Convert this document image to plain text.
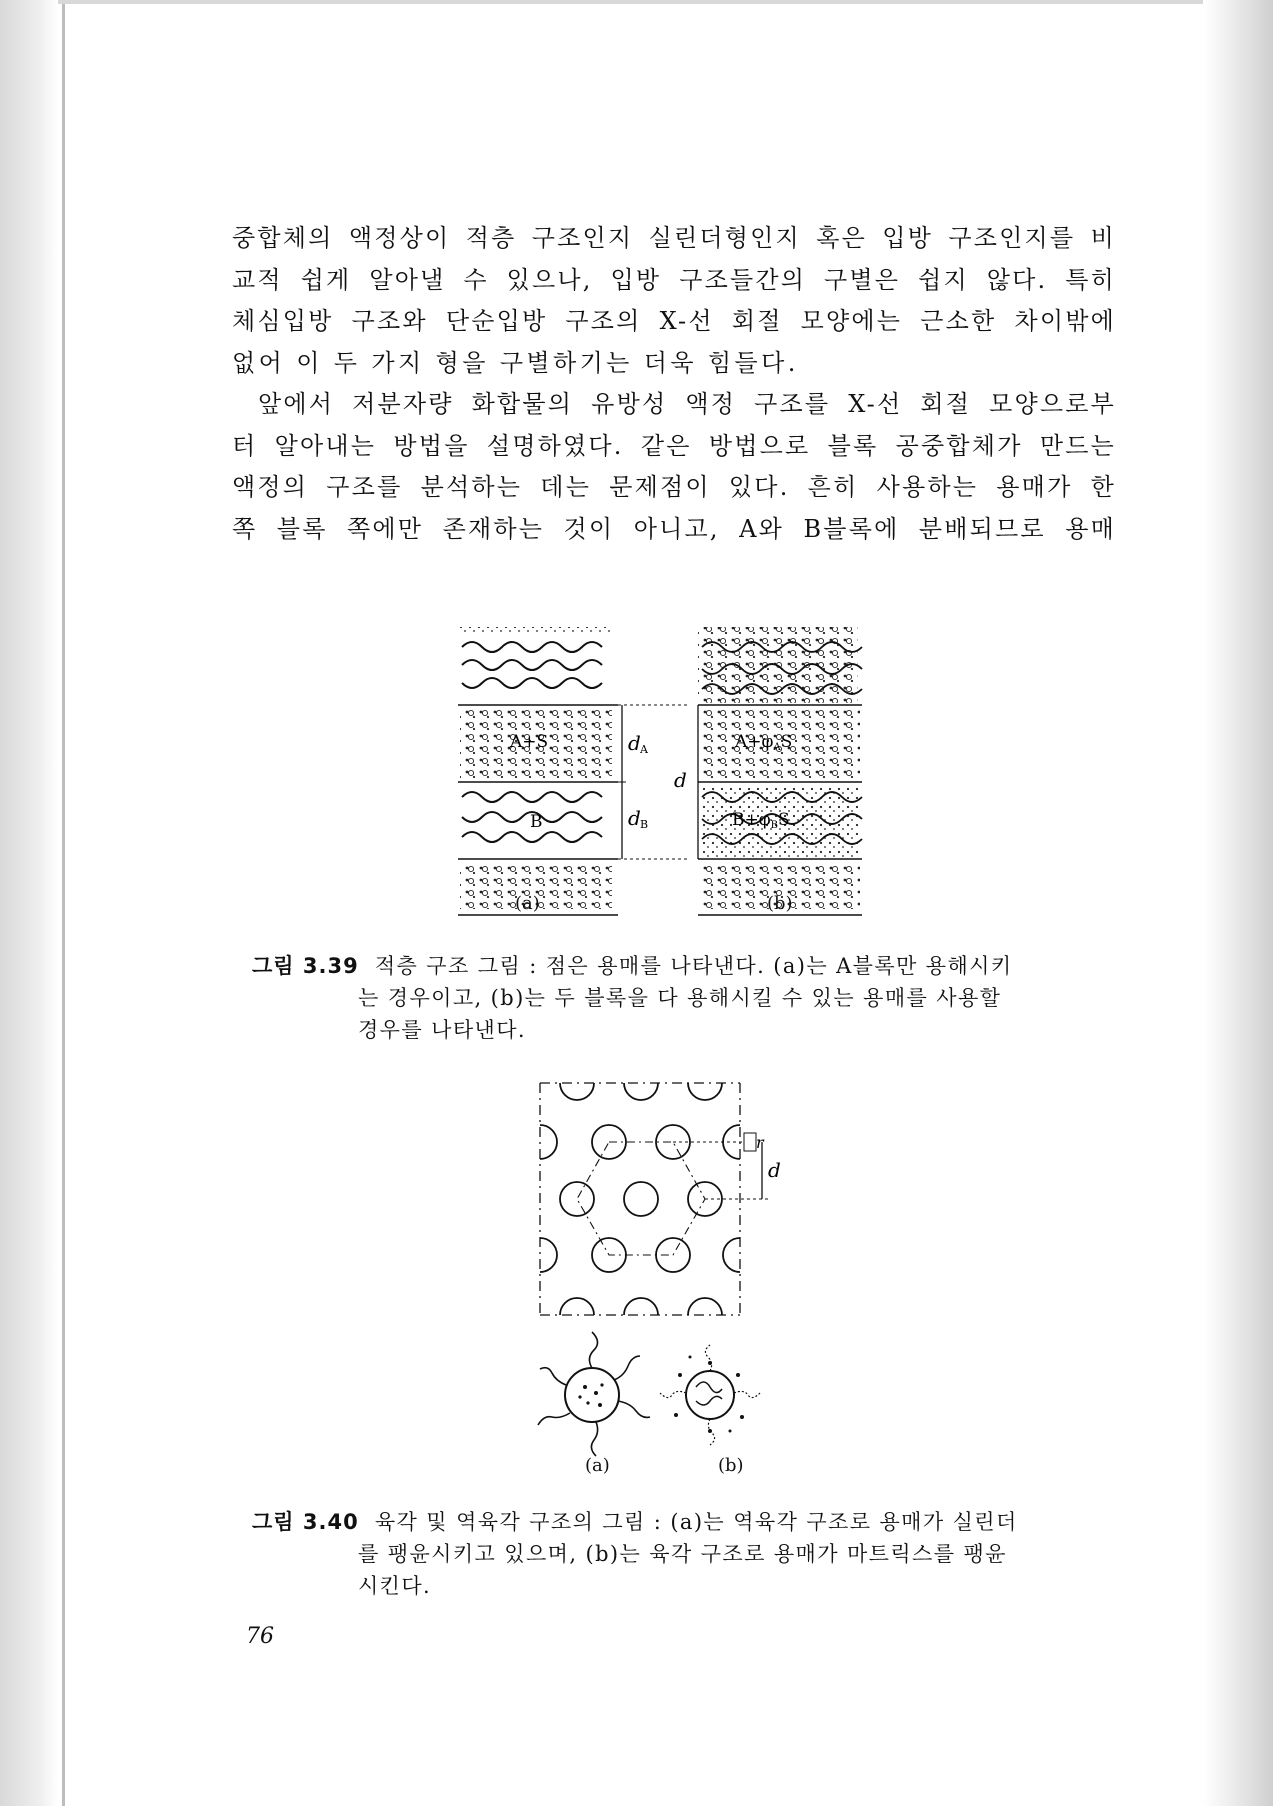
중합체의 액정상이 적층 구조인지 실린더형인지 혹은 입방 구조인지를 비
교적 쉽게 알아낼 수 있으나, 입방 구조들간의 구별은 쉽지 않다. 특히
체심입방 구조와 단순입방 구조의 X-선 회절 모양에는 근소한 차이밖에
없어 이 두 가지 형을 구별하기는 더욱 힘들다.
앞에서 저분자량 화합물의 유방성 액정 구조를 X-선 회절 모양으로부
터 알아내는 방법을 설명하였다. 같은 방법으로 블록 공중합체가 만드는
액정의 구조를 분석하는 데는 문제점이 있다. 흔히 사용하는 용매가 한
쪽 블록 쪽에만 존재하는 것이 아니고, A와 B블록에 분배되므로 용매
A+S
B
d A
d B
d
A+φAS
B+φBS
(a)	(b)
그림 3.39 적층 구조 그림 : 점은 용매를 나타낸다. (a)는 A블록만 용해시키
는 경우이고, (b)는 두 블록을 다 용해시킬 수 있는 용매를 사용할
경우를 나타낸다.
r
d
(a)	(b)
그림 3.40 육각 및 역육각 구조의 그림 : (a)는 역육각 구조로 용매가 실린더
를 팽윤시키고 있으며, (b)는 육각 구조로 용매가 마트릭스를 팽윤
시킨다.
76
